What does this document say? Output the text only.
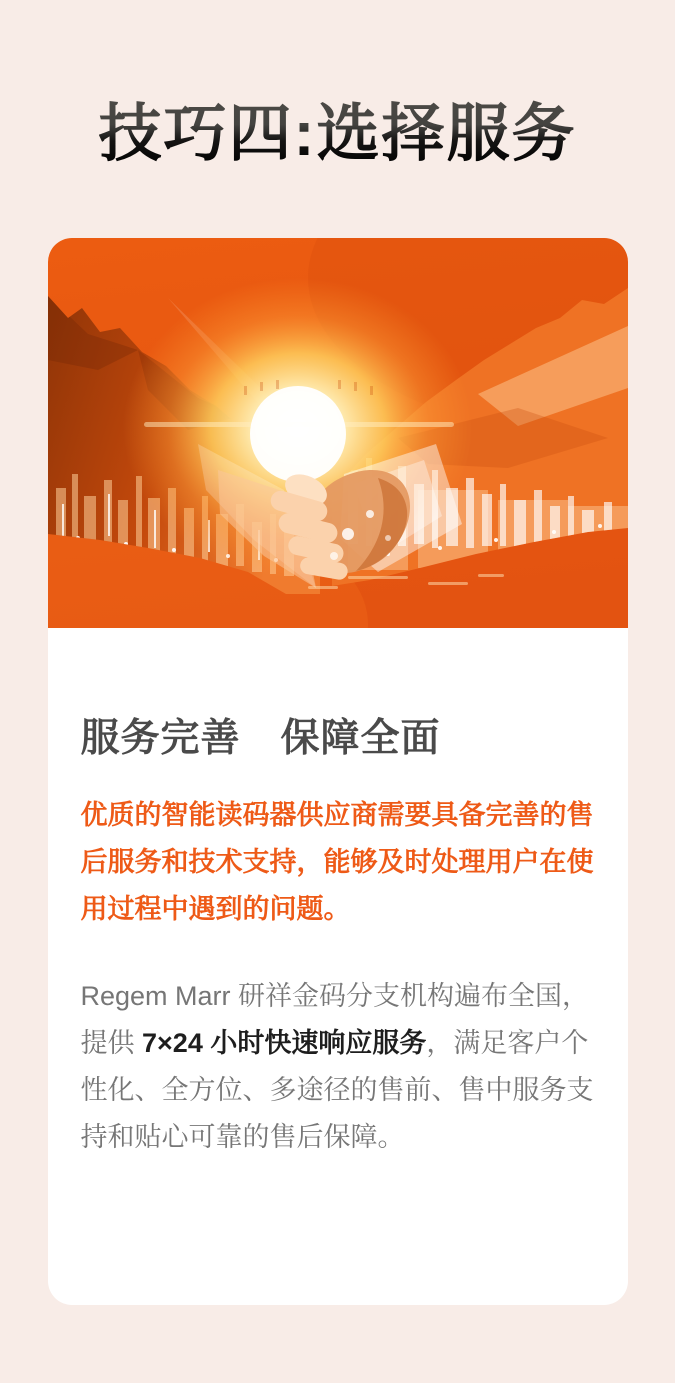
技巧四:选择服务
服务完善　保障全面

优质的智能读码器供应商需要具备完善的售后服务和技术支持，能够及时处理用户在使用过程中遇到的问题。

Regem Marr 研祥金码分支机构遍布全国，提供 7×24 小时快速响应服务，满足客户个性化、全方位、多途径的售前、售中服务支持和贴心可靠的售后保障。
